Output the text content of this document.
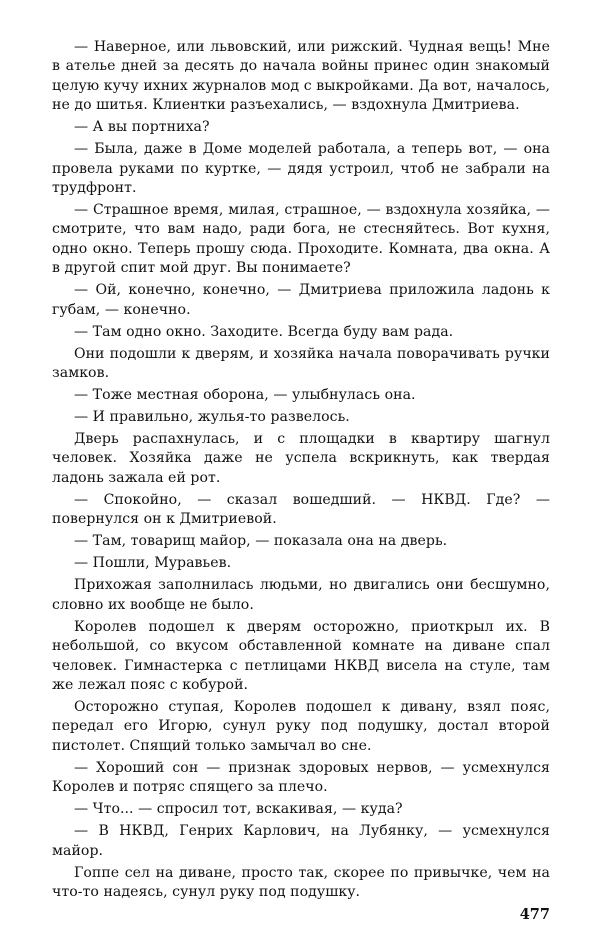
— Наверное, или львовский, или рижский. Чудная вещь! Мне в ателье дней за десять до начала войны принес один знакомый целую кучу ихних журналов мод с выкройками. Да вот, началось, не до шитья. Клиентки разъехались, — вздохнула Дмитриева.

— А вы портниха?

— Была, даже в Доме моделей работала, а теперь вот, — она провела руками по куртке, — дядя устроил, чтоб не забрали на трудфронт.

— Страшное время, милая, страшное, — вздохнула хозяйка, — смотрите, что вам надо, ради бога, не стесняйтесь. Вот кухня, одно окно. Теперь прошу сюда. Проходите. Комната, два окна. А в другой спит мой друг. Вы понимаете?

— Ой, конечно, конечно, — Дмитриева приложила ладонь к губам, — конечно.

— Там одно окно. Заходите. Всегда буду вам рада.

Они подошли к дверям, и хозяйка начала поворачивать ручки замков.

— Тоже местная оборона, — улыбнулась она.

— И правильно, жулья-то развелось.

Дверь распахнулась, и с площадки в квартиру шагнул человек. Хозяйка даже не успела вскрикнуть, как твердая ладонь зажала ей рот.

— Спокойно, — сказал вошедший. — НКВД. Где? — повернулся он к Дмитриевой.

— Там, товарищ майор, — показала она на дверь.

— Пошли, Муравьев.

Прихожая заполнилась людьми, но двигались они бесшумно, словно их вообще не было.

Королев подошел к дверям осторожно, приоткрыл их. В небольшой, со вкусом обставленной комнате на диване спал человек. Гимнастерка с петлицами НКВД висела на стуле, там же лежал пояс с кобурой.

Осторожно ступая, Королев подошел к дивану, взял пояс, передал его Игорю, сунул руку под подушку, достал второй пистолет. Спящий только замычал во сне.

— Хороший сон — признак здоровых нервов, — усмехнулся Королев и потряс спящего за плечо.

— Что... — спросил тот, вскакивая, — куда?

— В НКВД, Генрих Карлович, на Лубянку, — усмехнулся майор.

Гоппе сел на диване, просто так, скорее по привычке, чем на что-то надеясь, сунул руку под подушку.

477
